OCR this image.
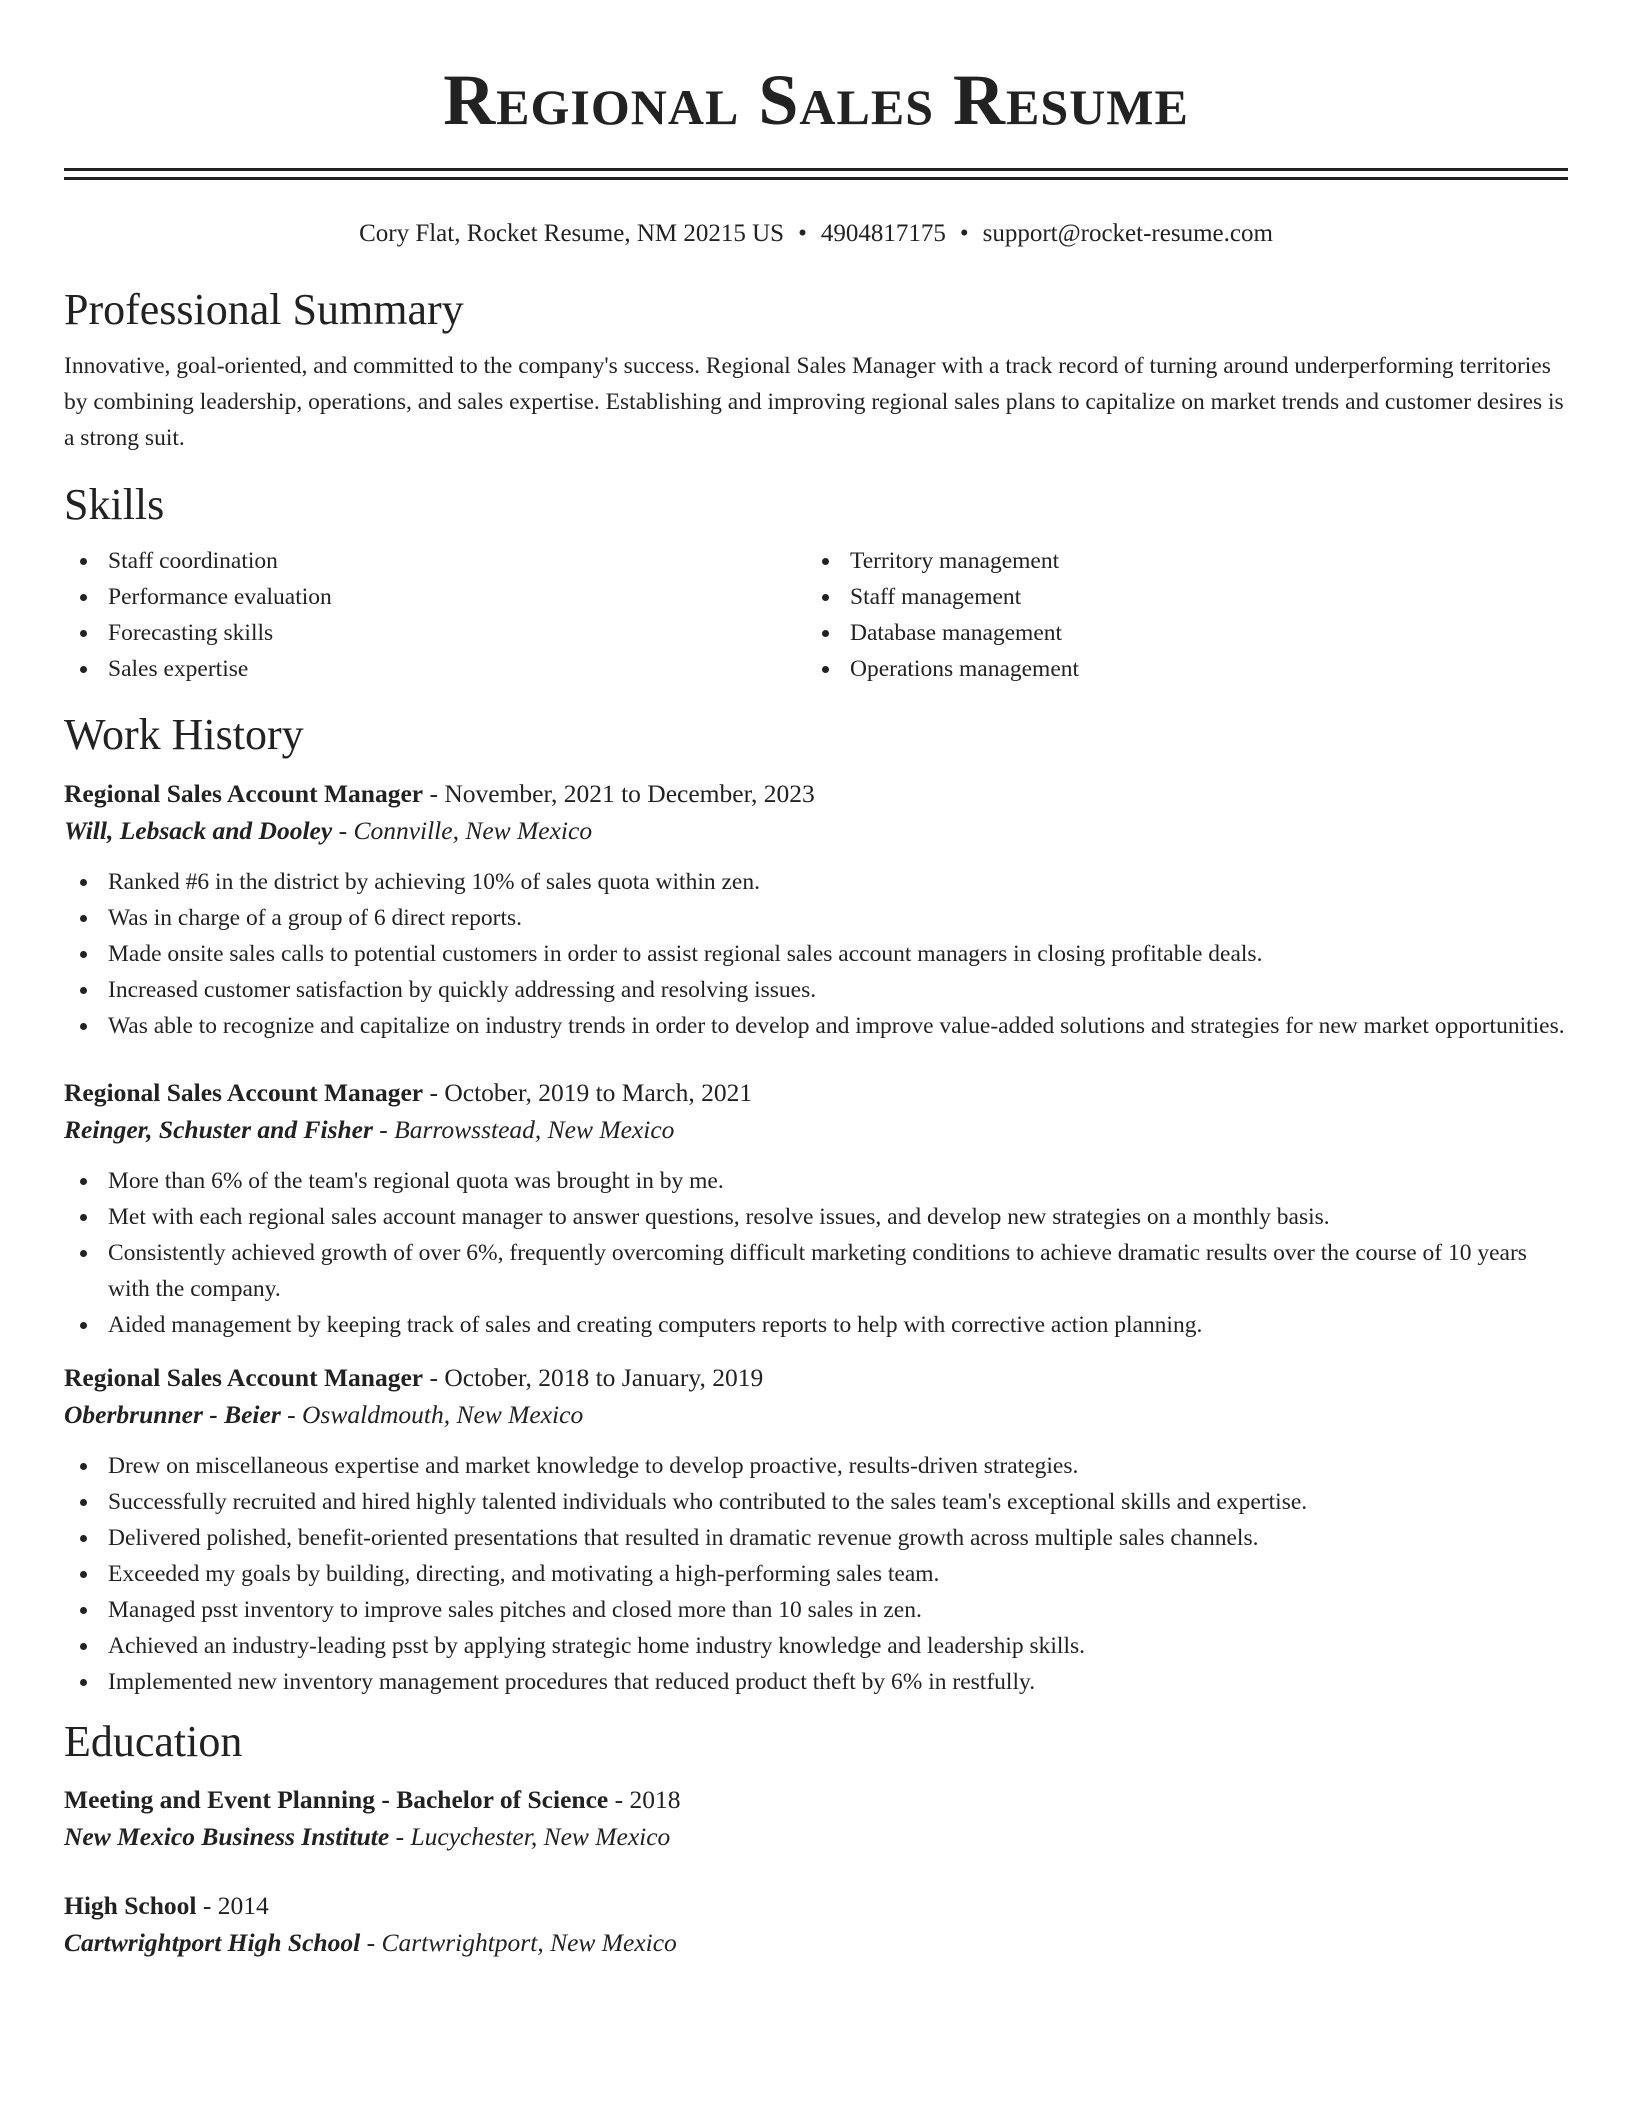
Regional Sales Resume
Cory Flat, Rocket Resume, NM 20215 US • 4904817175 • support@rocket-resume.com
Professional Summary

Innovative, goal-oriented, and committed to the company's success. Regional Sales Manager with a track record of turning around underperforming territories by combining leadership, operations, and sales expertise. Establishing and improving regional sales plans to capitalize on market trends and customer desires is a strong suit.

Skills
Staff coordination
Performance evaluation
Forecasting skills
Sales expertise
Territory management
Staff management
Database management
Operations management
Work History
Regional Sales Account Manager - November, 2021 to December, 2023
Will, Lebsack and Dooley - Connville, New Mexico
Ranked #6 in the district by achieving 10% of sales quota within zen.
Was in charge of a group of 6 direct reports.
Made onsite sales calls to potential customers in order to assist regional sales account managers in closing profitable deals.
Increased customer satisfaction by quickly addressing and resolving issues.
Was able to recognize and capitalize on industry trends in order to develop and improve value-added solutions and strategies for new market opportunities.
Regional Sales Account Manager - October, 2019 to March, 2021
Reinger, Schuster and Fisher - Barrowsstead, New Mexico
More than 6% of the team's regional quota was brought in by me.
Met with each regional sales account manager to answer questions, resolve issues, and develop new strategies on a monthly basis.
Consistently achieved growth of over 6%, frequently overcoming difficult marketing conditions to achieve dramatic results over the course of 10 years with the company.
Aided management by keeping track of sales and creating computers reports to help with corrective action planning.
Regional Sales Account Manager - October, 2018 to January, 2019
Oberbrunner - Beier - Oswaldmouth, New Mexico
Drew on miscellaneous expertise and market knowledge to develop proactive, results-driven strategies.
Successfully recruited and hired highly talented individuals who contributed to the sales team's exceptional skills and expertise.
Delivered polished, benefit-oriented presentations that resulted in dramatic revenue growth across multiple sales channels.
Exceeded my goals by building, directing, and motivating a high-performing sales team.
Managed psst inventory to improve sales pitches and closed more than 10 sales in zen.
Achieved an industry-leading psst by applying strategic home industry knowledge and leadership skills.
Implemented new inventory management procedures that reduced product theft by 6% in restfully.
Education
Meeting and Event Planning - Bachelor of Science - 2018
New Mexico Business Institute - Lucychester, New Mexico
High School - 2014
Cartwrightport High School - Cartwrightport, New Mexico
